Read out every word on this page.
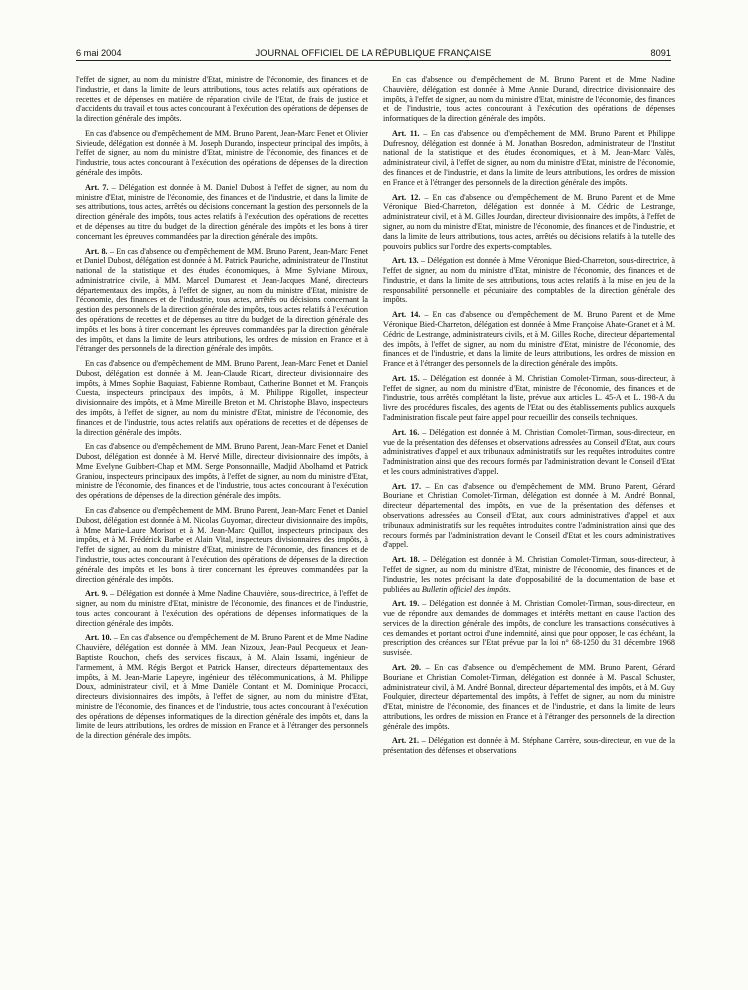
6 mai 2004	JOURNAL OFFICIEL DE LA RÉPUBLIQUE FRANÇAISE	8091

l'effet de signer, au nom du ministre d'Etat, ministre de l'économie, des finances et de l'industrie, et dans la limite de leurs attributions, tous actes relatifs aux opérations de recettes et de dépenses en matière de réparation civile de l'Etat, de frais de justice et d'accidents du travail et tous actes concourant à l'exécution des opérations de dépenses de la direction générale des impôts.

En cas d'absence ou d'empêchement de MM. Bruno Parent, Jean-Marc Fenet et Olivier Sivieude, délégation est donnée à M. Joseph Durando, inspecteur principal des impôts, à l'effet de signer, au nom du ministre d'Etat, ministre de l'économie, des finances et de l'industrie, tous actes concourant à l'exécution des opérations de dépenses de la direction générale des impôts.

Art. 7. – Délégation est donnée à M. Daniel Dubost à l'effet de signer, au nom du ministre d'Etat, ministre de l'économie, des finances et de l'industrie, et dans la limite de ses attributions, tous actes, arrêtés ou décisions concernant la gestion des personnels de la direction générale des impôts, tous actes relatifs à l'exécution des opérations de recettes et de dépenses au titre du budget de la direction générale des impôts et les bons à tirer concernant les épreuves commandées par la direction générale des impôts.

Art. 8. – En cas d'absence ou d'empêchement de MM. Bruno Parent, Jean-Marc Fenet et Daniel Dubost, délégation est donnée à M. Patrick Pauriche, administrateur de l'Institut national de la statistique et des études économiques, à Mme Sylviane Miroux, administratrice civile, à MM. Marcel Dumarest et Jean-Jacques Mané, directeurs départementaux des impôts, à l'effet de signer, au nom du ministre d'Etat, ministre de l'économie, des finances et de l'industrie, tous actes, arrêtés ou décisions concernant la gestion des personnels de la direction générale des impôts, tous actes relatifs à l'exécution des opérations de recettes et de dépenses au titre du budget de la direction générale des impôts et les bons à tirer concernant les épreuves commandées par la direction générale des impôts, et dans la limite de leurs attributions, les ordres de mission en France et à l'étranger des personnels de la direction générale des impôts.

En cas d'absence ou d'empêchement de MM. Bruno Parent, Jean-Marc Fenet et Daniel Dubost, délégation est donnée à M. Jean-Claude Ricart, directeur divisionnaire des impôts, à Mmes Sophie Baquiast, Fabienne Rombaut, Catherine Bonnet et M. François Cuesta, inspecteurs principaux des impôts, à M. Philippe Rigollet, inspecteur divisionnaire des impôts, et à Mme Mireille Breton et M. Christophe Blavo, inspecteurs des impôts, à l'effet de signer, au nom du ministre d'Etat, ministre de l'économie, des finances et de l'industrie, tous actes relatifs aux opérations de recettes et de dépenses de la direction générale des impôts.

En cas d'absence ou d'empêchement de MM. Bruno Parent, Jean-Marc Fenet et Daniel Dubost, délégation est donnée à M. Hervé Mille, directeur divisionnaire des impôts, à Mme Evelyne Guibbert-Chap et MM. Serge Ponsonnaille, Madjid Abolhamd et Patrick Graniou, inspecteurs principaux des impôts, à l'effet de signer, au nom du ministre d'Etat, ministre de l'économie, des finances et de l'industrie, tous actes concourant à l'exécution des opérations de dépenses de la direction générale des impôts.

En cas d'absence ou d'empêchement de MM. Bruno Parent, Jean-Marc Fenet et Daniel Dubost, délégation est donnée à M. Nicolas Guyomar, directeur divisionnaire des impôts, à Mme Marie-Laure Morisot et à M. Jean-Marc Quillot, inspecteurs principaux des impôts, et à M. Frédérick Barbe et Alain Vital, inspecteurs divisionnaires des impôts, à l'effet de signer, au nom du ministre d'Etat, ministre de l'économie, des finances et de l'industrie, tous actes concourant à l'exécution des opérations de dépenses de la direction générale des impôts et les bons à tirer concernant les épreuves commandées par la direction générale des impôts.

Art. 9. – Délégation est donnée à Mme Nadine Chauvière, sous-directrice, à l'effet de signer, au nom du ministre d'Etat, ministre de l'économie, des finances et de l'industrie, tous actes concourant à l'exécution des opérations de dépenses informatiques de la direction générale des impôts.

Art. 10. – En cas d'absence ou d'empêchement de M. Bruno Parent et de Mme Nadine Chauvière, délégation est donnée à MM. Jean Nizoux, Jean-Paul Pecqueux et Jean-Baptiste Rouchon, chefs des services fiscaux, à M. Alain Issami, ingénieur de l'armement, à MM. Régis Bergot et Patrick Hanser, directeurs départementaux des impôts, à M. Jean-Marie Lapeyre, ingénieur des télécommunications, à M. Philippe Doux, administrateur civil, et à Mme Danièle Contant et M. Dominique Procacci, directeurs divisionnaires des impôts, à l'effet de signer, au nom du ministre d'Etat, ministre de l'économie, des finances et de l'industrie, tous actes concourant à l'exécution des opérations de dépenses informatiques de la direction générale des impôts et, dans la limite de leurs attributions, les ordres de mission en France et à l'étranger des personnels de la direction générale des impôts.

En cas d'absence ou d'empêchement de M. Bruno Parent et de Mme Nadine Chauvière, délégation est donnée à Mme Annie Durand, directrice divisionnaire des impôts, à l'effet de signer, au nom du ministre d'Etat, ministre de l'économie, des finances et de l'industrie, tous actes concourant à l'exécution des opérations de dépenses informatiques de la direction générale des impôts.

Art. 11. – En cas d'absence ou d'empêchement de MM. Bruno Parent et Philippe Dufresnoy, délégation est donnée à M. Jonathan Bosredon, administrateur de l'Institut national de la statistique et des études économiques, et à M. Jean-Marc Valès, administrateur civil, à l'effet de signer, au nom du ministre d'Etat, ministre de l'économie, des finances et de l'industrie, et dans la limite de leurs attributions, les ordres de mission en France et à l'étranger des personnels de la direction générale des impôts.

Art. 12. – En cas d'absence ou d'empêchement de M. Bruno Parent et de Mme Véronique Bied-Charreton, délégation est donnée à M. Cédric de Lestrange, administrateur civil, et à M. Gilles Jourdan, directeur divisionnaire des impôts, à l'effet de signer, au nom du ministre d'Etat, ministre de l'économie, des finances et de l'industrie, et dans la limite de leurs attributions, tous actes, arrêtés ou décisions relatifs à la tutelle des pouvoirs publics sur l'ordre des experts-comptables.

Art. 13. – Délégation est donnée à Mme Véronique Bied-Charreton, sous-directrice, à l'effet de signer, au nom du ministre d'Etat, ministre de l'économie, des finances et de l'industrie, et dans la limite de ses attributions, tous actes relatifs à la mise en jeu de la responsabilité personnelle et pécuniaire des comptables de la direction générale des impôts.

Art. 14. – En cas d'absence ou d'empêchement de M. Bruno Parent et de Mme Véronique Bied-Charreton, délégation est donnée à Mme Françoise Ahate-Granet et à M. Cédric de Lestrange, administrateurs civils, et à M. Gilles Roche, directeur départemental des impôts, à l'effet de signer, au nom du ministre d'Etat, ministre de l'économie, des finances et de l'industrie, et dans la limite de leurs attributions, les ordres de mission en France et à l'étranger des personnels de la direction générale des impôts.

Art. 15. – Délégation est donnée à M. Christian Comolet-Tirman, sous-directeur, à l'effet de signer, au nom du ministre d'Etat, ministre de l'économie, des finances et de l'industrie, tous arrêtés complétant la liste, prévue aux articles L. 45-A et L. 198-A du livre des procédures fiscales, des agents de l'Etat ou des établissements publics auxquels l'administration fiscale peut faire appel pour recueillir des conseils techniques.

Art. 16. – Délégation est donnée à M. Christian Comolet-Tirman, sous-directeur, en vue de la présentation des défenses et observations adressées au Conseil d'Etat, aux cours administratives d'appel et aux tribunaux administratifs sur les requêtes introduites contre l'administration ainsi que des recours formés par l'administration devant le Conseil d'Etat et les cours administratives d'appel.

Art. 17. – En cas d'absence ou d'empêchement de MM. Bruno Parent, Gérard Bouriane et Christian Comolet-Tirman, délégation est donnée à M. André Bonnal, directeur départemental des impôts, en vue de la présentation des défenses et observations adressées au Conseil d'Etat, aux cours administratives d'appel et aux tribunaux administratifs sur les requêtes introduites contre l'administration ainsi que des recours formés par l'administration devant le Conseil d'Etat et les cours administratives d'appel.

Art. 18. – Délégation est donnée à M. Christian Comolet-Tirman, sous-directeur, à l'effet de signer, au nom du ministre d'Etat, ministre de l'économie, des finances et de l'industrie, les notes précisant la date d'opposabilité de la documentation de base et publiées au Bulletin officiel des impôts.

Art. 19. – Délégation est donnée à M. Christian Comolet-Tirman, sous-directeur, en vue de répondre aux demandes de dommages et intérêts mettant en cause l'action des services de la direction générale des impôts, de conclure les transactions consécutives à ces demandes et portant octroi d'une indemnité, ainsi que pour opposer, le cas échéant, la prescription des créances sur l'Etat prévue par la loi n° 68-1250 du 31 décembre 1968 susvisée.

Art. 20. – En cas d'absence ou d'empêchement de MM. Bruno Parent, Gérard Bouriane et Christian Comolet-Tirman, délégation est donnée à M. Pascal Schuster, administrateur civil, à M. André Bonnal, directeur départemental des impôts, et à M. Guy Foulquier, directeur départemental des impôts, à l'effet de signer, au nom du ministre d'Etat, ministre de l'économie, des finances et de l'industrie, et dans la limite de leurs attributions, les ordres de mission en France et à l'étranger des personnels de la direction générale des impôts.

Art. 21. – Délégation est donnée à M. Stéphane Carrère, sous-directeur, en vue de la présentation des défenses et observations
